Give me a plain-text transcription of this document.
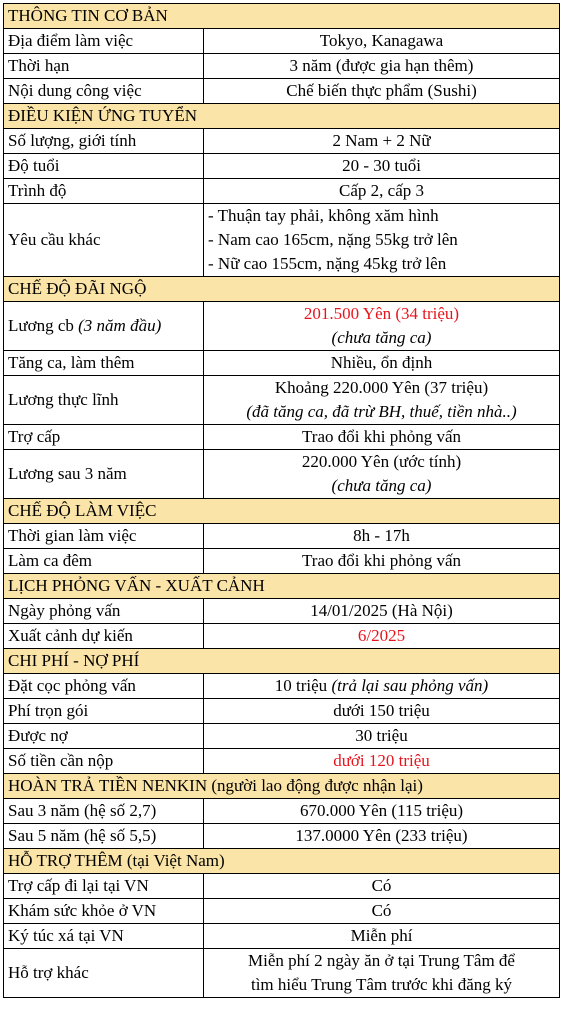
THÔNG TIN CƠ BẢN	
Địa điểm làm việc	Tokyo, Kanagawa

Thời hạn	3 năm (được gia hạn thêm)

Nội dung công việc	Chế biến thực phẩm (Sushi)

ĐIỀU KIỆN ỨNG TUYỂN	
Số lượng, giới tính	2 Nam + 2 Nữ

Độ tuổi	20 - 30 tuổi

Trình độ	Cấp 2, cấp 3

Yêu cầu khác	- Thuận tay phải, không xăm hình
- Nam cao 165cm, nặng 55kg trở lên
- Nữ cao 155cm, nặng 45kg trở lên

CHẾ ĐỘ ĐÃI NGỘ	
Lương cb (3 năm đầu)	201.500 Yên (34 triệu)
(chưa tăng ca)

Tăng ca, làm thêm	Nhiều, ổn định

Lương thực lĩnh	Khoảng 220.000 Yên (37 triệu)
(đã tăng ca, đã trừ BH, thuế, tiền nhà..)

Trợ cấp	Trao đổi khi phỏng vấn

Lương sau 3 năm	220.000 Yên (ước tính)
(chưa tăng ca)

CHẾ ĐỘ LÀM VIỆC	
Thời gian làm việc	8h - 17h

Làm ca đêm	Trao đổi khi phỏng vấn

LỊCH PHỎNG VẤN - XUẤT CẢNH	
Ngày phỏng vấn	14/01/2025 (Hà Nội)

Xuất cảnh dự kiến	6/2025

CHI PHÍ - NỢ PHÍ	
Đặt cọc phỏng vấn	10 triệu (trả lại sau phỏng vấn)

Phí trọn gói	dưới 150 triệu

Được nợ	30 triệu

Số tiền cần nộp	dưới 120 triệu

HOÀN TRẢ TIỀN NENKIN (người lao động được nhận lại)	
Sau 3 năm (hệ số 2,7)	670.000 Yên (115 triệu)

Sau 5 năm (hệ số 5,5)	137.0000 Yên (233 triệu)

HỖ TRỢ THÊM (tại Việt Nam)	
Trợ cấp đi lại tại VN	Có

Khám sức khỏe ở VN	Có

Ký túc xá tại VN	Miễn phí

Hỗ trợ khác	Miễn phí 2 ngày ăn ở tại Trung Tâm để
tìm hiểu Trung Tâm trước khi đăng ký
